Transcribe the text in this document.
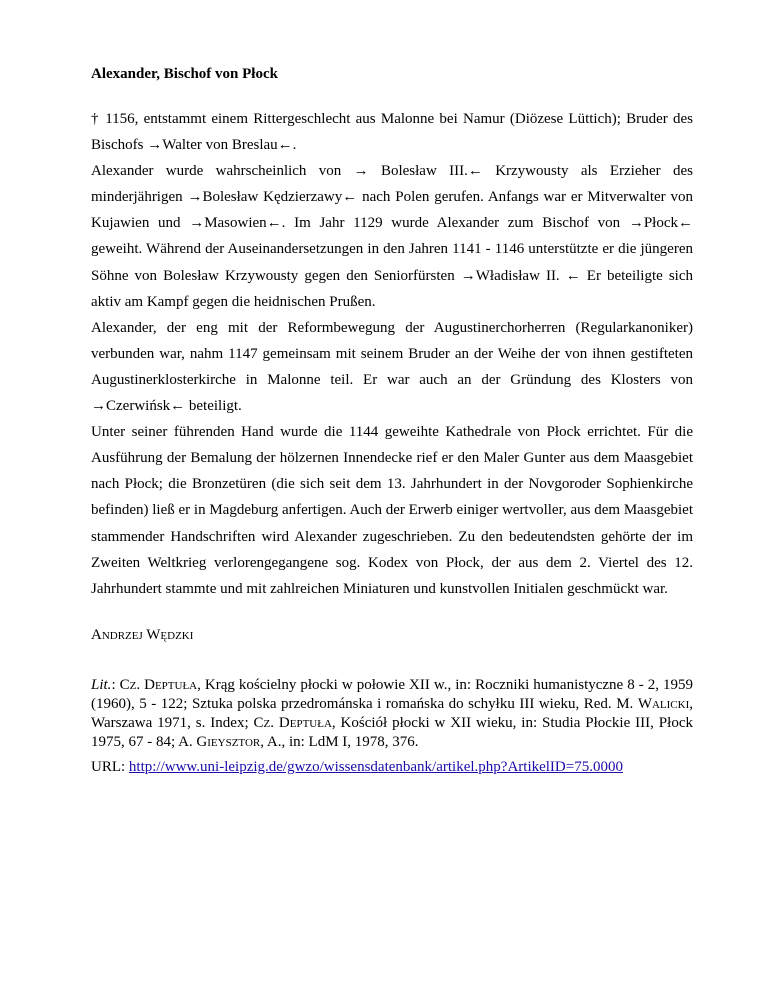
Alexander, Bischof von Płock

† 1156, entstammt einem Rittergeschlecht aus Malonne bei Namur (Diözese Lüttich); Bruder des Bischofs →Walter von Breslau←.

Alexander wurde wahrscheinlich von → Bolesław III.← Krzywousty als Erzieher des minderjährigen →Bolesław Kędzierzawy← nach Polen gerufen. Anfangs war er Mitverwalter von Kujawien und →Masowien←. Im Jahr 1129 wurde Alexander zum Bischof von →Płock← geweiht. Während der Auseinandersetzungen in den Jahren 1141 - 1146 unterstützte er die jüngeren Söhne von Bolesław Krzywousty gegen den Seniorfürsten →Władisław II. ← Er beteiligte sich aktiv am Kampf gegen die heidnischen Prußen.

Alexander, der eng mit der Reformbewegung der Augustinerchorherren (Regularkanoniker) verbunden war, nahm 1147 gemeinsam mit seinem Bruder an der Weihe der von ihnen gestifteten Augustinerklosterkirche in Malonne teil. Er war auch an der Gründung des Klosters von →Czerwińsk← beteiligt.

Unter seiner führenden Hand wurde die 1144 geweihte Kathedrale von Płock errichtet. Für die Ausführung der Bemalung der hölzernen Innendecke rief er den Maler Gunter aus dem Maasgebiet nach Płock; die Bronzetüren (die sich seit dem 13. Jahrhundert in der Novgoroder Sophienkirche befinden) ließ er in Magdeburg anfertigen. Auch der Erwerb einiger wertvoller, aus dem Maasgebiet stammender Handschriften wird Alexander zugeschrieben. Zu den bedeutendsten gehörte der im Zweiten Weltkrieg verlorengegangene sog. Kodex von Płock, der aus dem 2. Viertel des 12. Jahrhundert stammte und mit zahlreichen Miniaturen und kunstvollen Initialen geschmückt war.

Andrzej Wędzki

Lit.: Cz. Deptuła, Krąg kościelny płocki w połowie XII w., in: Roczniki humanistyczne 8 - 2, 1959 (1960), 5 - 122; Sztuka polska przedrománska i romańska do schyłku III wieku, Red. M. Walicki, Warszawa 1971, s. Index; Cz. Deptuła, Kościół płocki w XII wieku, in: Studia Płockie III, Płock 1975, 67 - 84; A. Gieysztor, A., in: LdM I, 1978, 376.

URL: http://www.uni-leipzig.de/gwzo/wissensdatenbank/artikel.php?ArtikelID=75.0000
